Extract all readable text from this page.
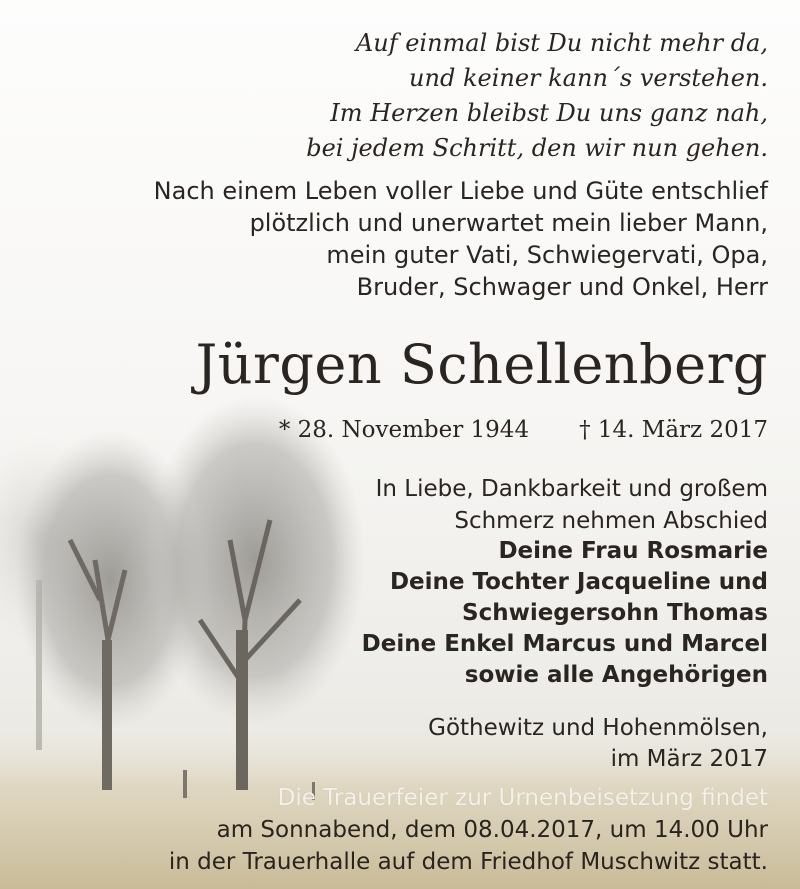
Auf einmal bist Du nicht mehr da,
und keiner kann´s verstehen.
Im Herzen bleibst Du uns ganz nah,
bei jedem Schritt, den wir nun gehen.
Nach einem Leben voller Liebe und Güte entschlief
plötzlich und unerwartet mein lieber Mann,
mein guter Vati, Schwiegervati, Opa,
Bruder, Schwager und Onkel, Herr
Jürgen Schellenberg
* 28. November 1944 † 14. März 2017
In Liebe, Dankbarkeit und großem
Schmerz nehmen Abschied
Deine Frau Rosmarie
Deine Tochter Jacqueline und
Schwiegersohn Thomas
Deine Enkel Marcus und Marcel
sowie alle Angehörigen
Göthewitz und Hohenmölsen,
im März 2017
Die Trauerfeier zur Urnenbeisetzung findet
am Sonnabend, dem 08.04.2017, um 14.00 Uhr
in der Trauerhalle auf dem Friedhof Muschwitz statt.
